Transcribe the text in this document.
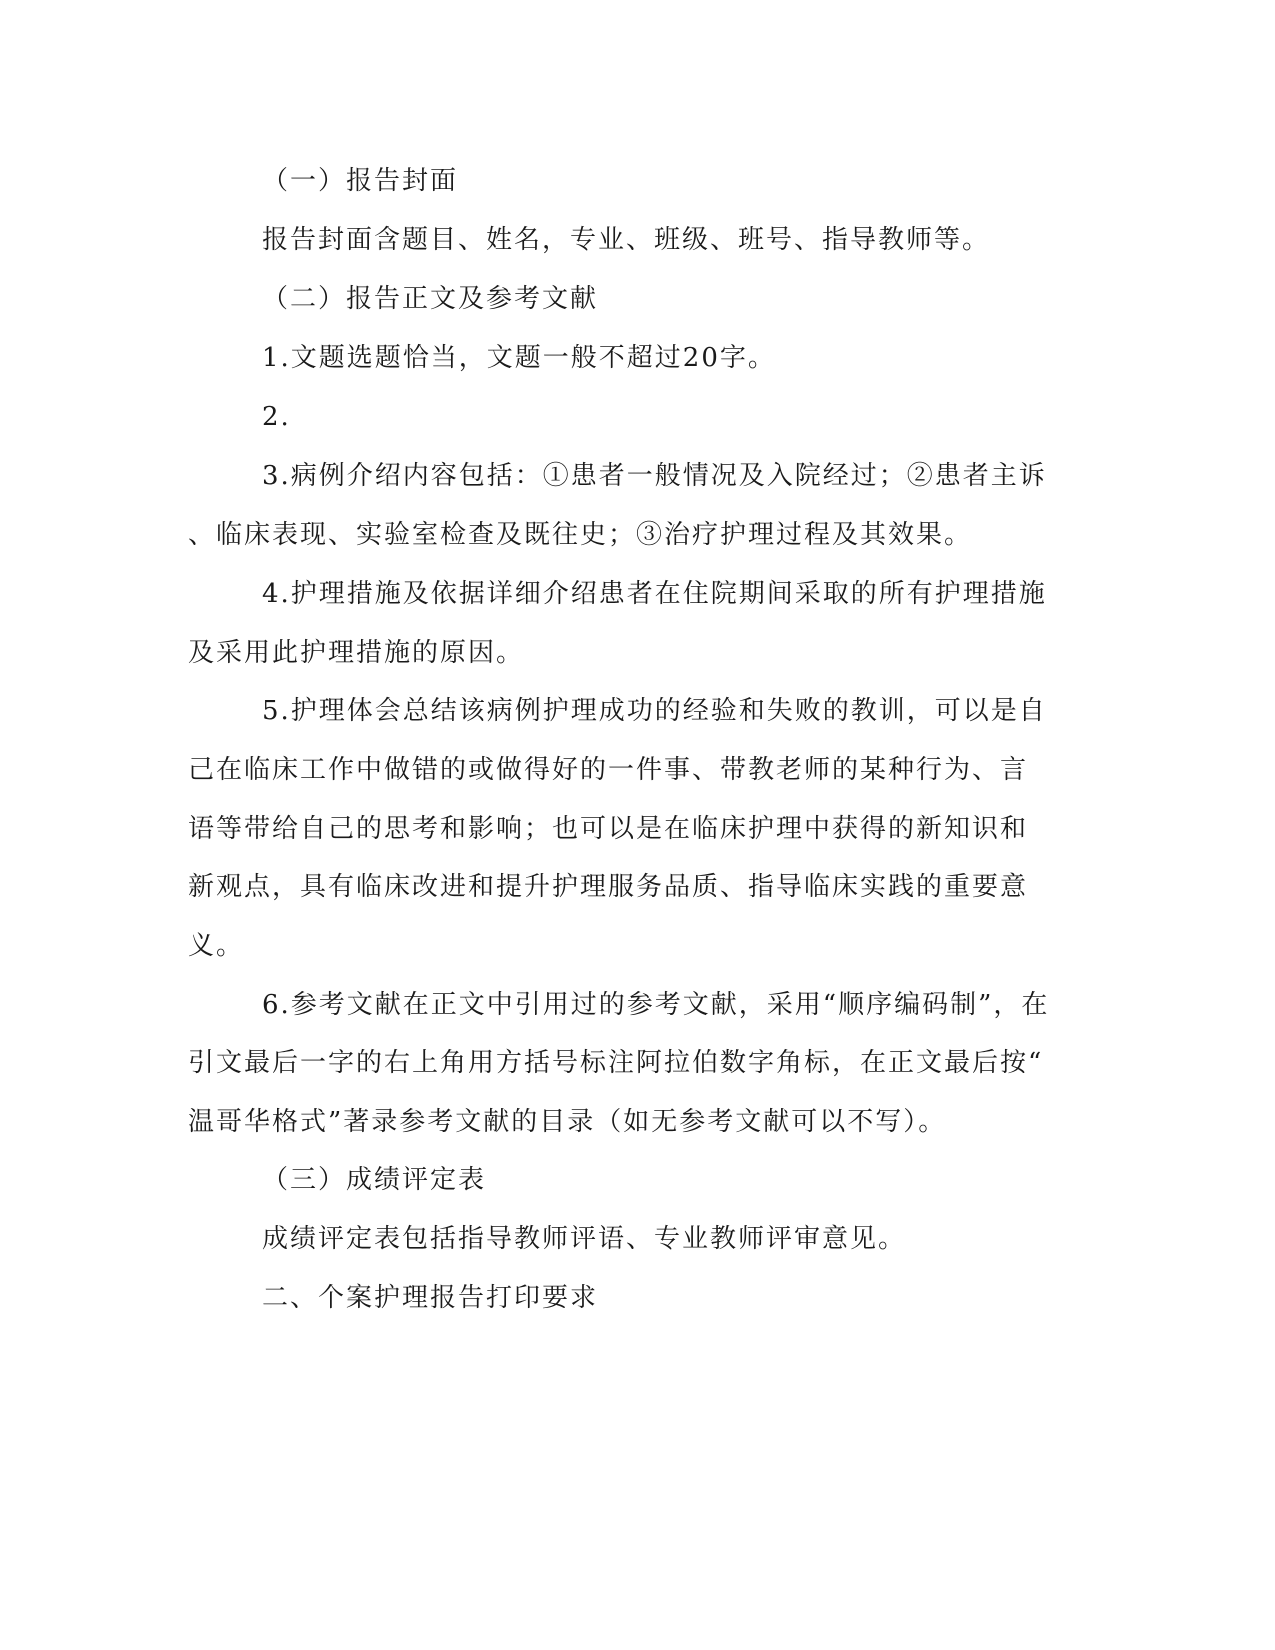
（一）报告封面
报告封面含题目、姓名，专业、班级、班号、指导教师等。
（二）报告正文及参考文献
1.文题选题恰当，文题一般不超过20字。
2.
3.病例介绍内容包括：①患者一般情况及入院经过；②患者主诉
、临床表现、实验室检查及既往史；③治疗护理过程及其效果。
4.护理措施及依据详细介绍患者在住院期间采取的所有护理措施
及采用此护理措施的原因。
5.护理体会总结该病例护理成功的经验和失败的教训，可以是自
己在临床工作中做错的或做得好的一件事、带教老师的某种行为、言
语等带给自己的思考和影响；也可以是在临床护理中获得的新知识和
新观点，具有临床改进和提升护理服务品质、指导临床实践的重要意
义。
6.参考文献在正文中引用过的参考文献，采用“顺序编码制”，在
引文最后一字的右上角用方括号标注阿拉伯数字角标，在正文最后按“
温哥华格式”著录参考文献的目录（如无参考文献可以不写）。
（三）成绩评定表
成绩评定表包括指导教师评语、专业教师评审意见。
二、个案护理报告打印要求
